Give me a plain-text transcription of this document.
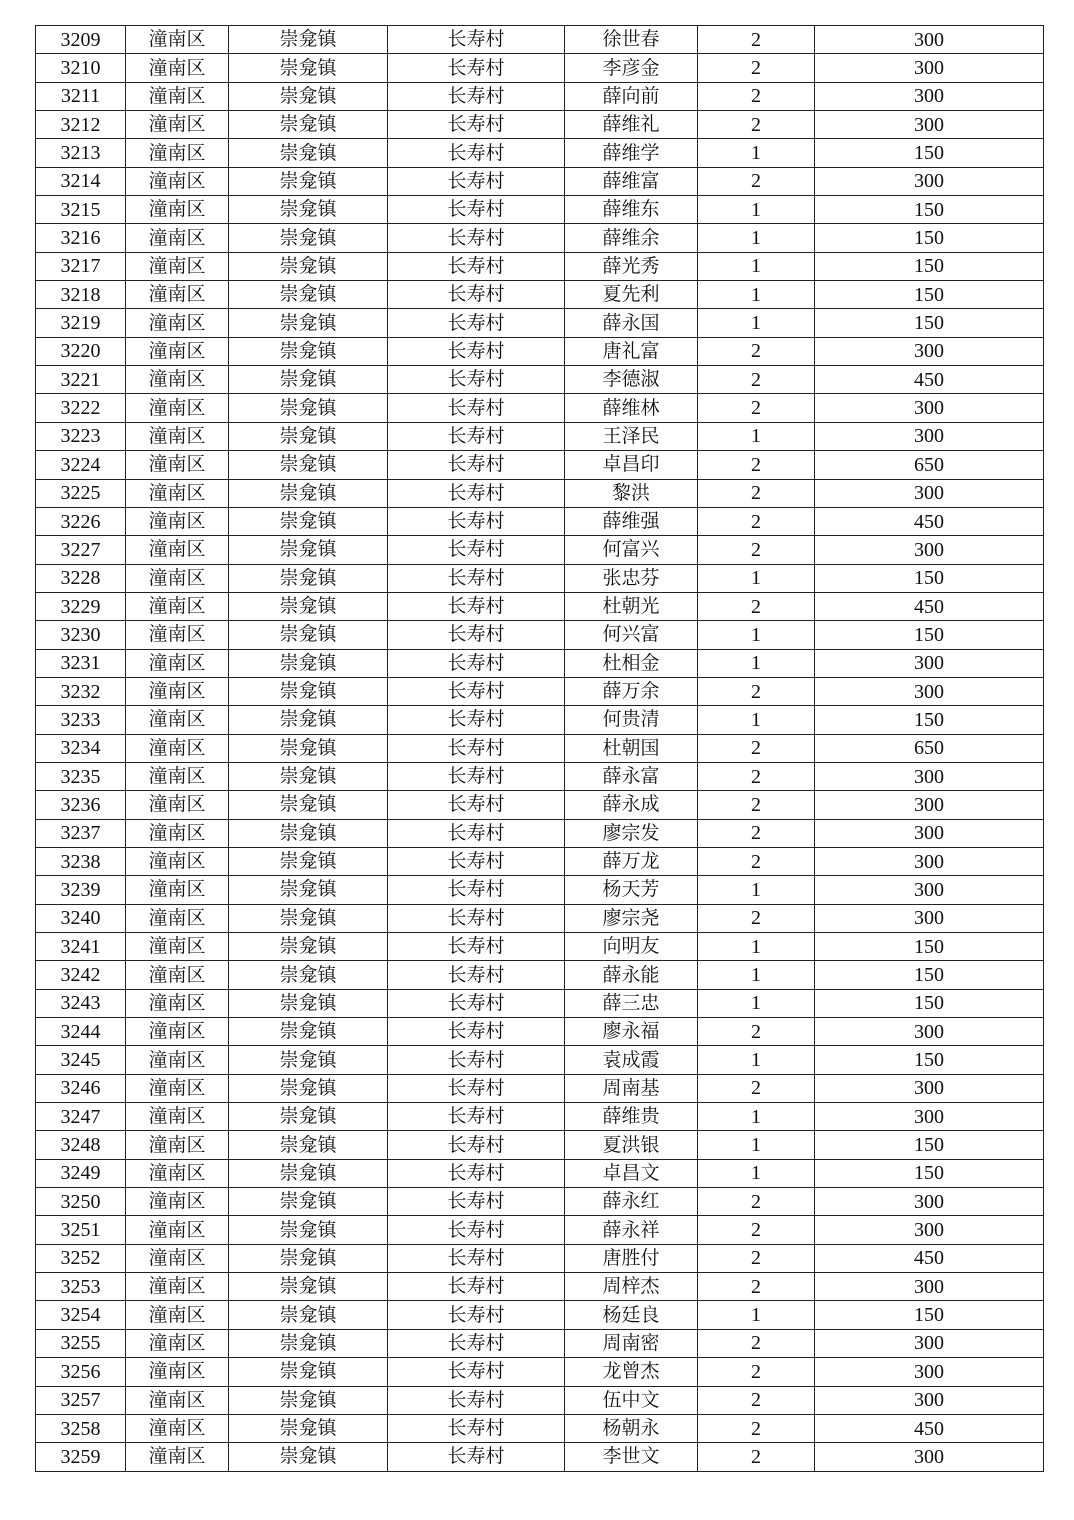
3209	潼南区	崇龛镇	长寿村	徐世春	2	300
3210	潼南区	崇龛镇	长寿村	李彦金	2	300
3211	潼南区	崇龛镇	长寿村	薛向前	2	300
3212	潼南区	崇龛镇	长寿村	薛维礼	2	300
3213	潼南区	崇龛镇	长寿村	薛维学	1	150
3214	潼南区	崇龛镇	长寿村	薛维富	2	300
3215	潼南区	崇龛镇	长寿村	薛维东	1	150
3216	潼南区	崇龛镇	长寿村	薛维余	1	150
3217	潼南区	崇龛镇	长寿村	薛光秀	1	150
3218	潼南区	崇龛镇	长寿村	夏先利	1	150
3219	潼南区	崇龛镇	长寿村	薛永国	1	150
3220	潼南区	崇龛镇	长寿村	唐礼富	2	300
3221	潼南区	崇龛镇	长寿村	李德淑	2	450
3222	潼南区	崇龛镇	长寿村	薛维林	2	300
3223	潼南区	崇龛镇	长寿村	王泽民	1	300
3224	潼南区	崇龛镇	长寿村	卓昌印	2	650
3225	潼南区	崇龛镇	长寿村	黎洪	2	300
3226	潼南区	崇龛镇	长寿村	薛维强	2	450
3227	潼南区	崇龛镇	长寿村	何富兴	2	300
3228	潼南区	崇龛镇	长寿村	张忠芬	1	150
3229	潼南区	崇龛镇	长寿村	杜朝光	2	450
3230	潼南区	崇龛镇	长寿村	何兴富	1	150
3231	潼南区	崇龛镇	长寿村	杜相金	1	300
3232	潼南区	崇龛镇	长寿村	薛万余	2	300
3233	潼南区	崇龛镇	长寿村	何贵清	1	150
3234	潼南区	崇龛镇	长寿村	杜朝国	2	650
3235	潼南区	崇龛镇	长寿村	薛永富	2	300
3236	潼南区	崇龛镇	长寿村	薛永成	2	300
3237	潼南区	崇龛镇	长寿村	廖宗发	2	300
3238	潼南区	崇龛镇	长寿村	薛万龙	2	300
3239	潼南区	崇龛镇	长寿村	杨天芳	1	300
3240	潼南区	崇龛镇	长寿村	廖宗尧	2	300
3241	潼南区	崇龛镇	长寿村	向明友	1	150
3242	潼南区	崇龛镇	长寿村	薛永能	1	150
3243	潼南区	崇龛镇	长寿村	薛三忠	1	150
3244	潼南区	崇龛镇	长寿村	廖永福	2	300
3245	潼南区	崇龛镇	长寿村	袁成霞	1	150
3246	潼南区	崇龛镇	长寿村	周南基	2	300
3247	潼南区	崇龛镇	长寿村	薛维贵	1	300
3248	潼南区	崇龛镇	长寿村	夏洪银	1	150
3249	潼南区	崇龛镇	长寿村	卓昌文	1	150
3250	潼南区	崇龛镇	长寿村	薛永红	2	300
3251	潼南区	崇龛镇	长寿村	薛永祥	2	300
3252	潼南区	崇龛镇	长寿村	唐胜付	2	450
3253	潼南区	崇龛镇	长寿村	周梓杰	2	300
3254	潼南区	崇龛镇	长寿村	杨廷良	1	150
3255	潼南区	崇龛镇	长寿村	周南密	2	300
3256	潼南区	崇龛镇	长寿村	龙曾杰	2	300
3257	潼南区	崇龛镇	长寿村	伍中文	2	300
3258	潼南区	崇龛镇	长寿村	杨朝永	2	450
3259	潼南区	崇龛镇	长寿村	李世文	2	300
